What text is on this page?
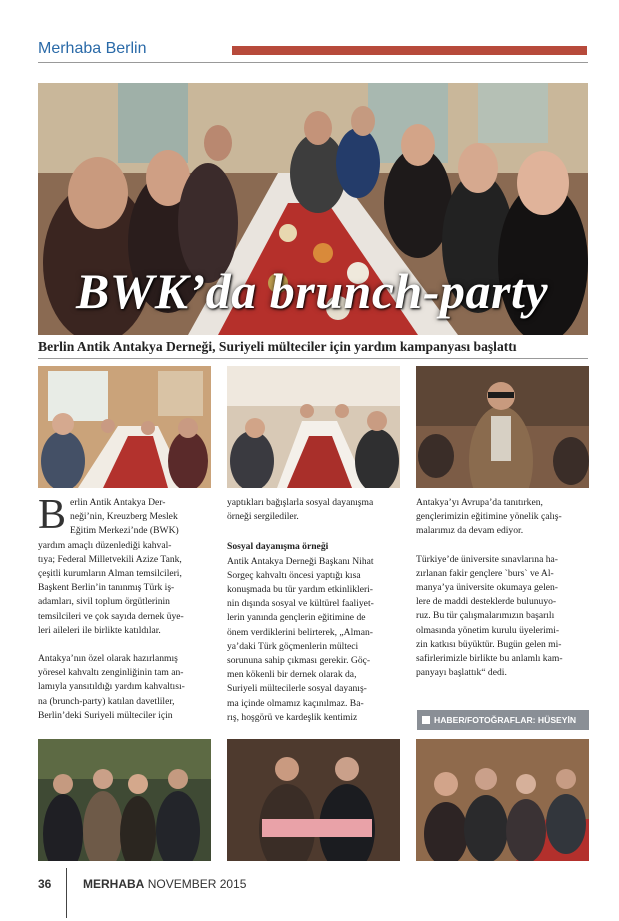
Merhaba Berlin
BWK’da brunch-party
Berlin Antik Antakya Derneği, Suriyeli mülteciler için yardım kampanyası başlattı
B erlin Antik Antakya Der-

neği’nin, Kreuzberg Meslek

Eğitim Merkezi’nde (BWK)

yardım amaçlı düzenlediği kahval-

tıya; Federal Milletvekili Azize Tank,

çeşitli kurumların Alman temsilcileri,

Başkent Berlin’in tanınmış Türk iş-

adamları, sivil toplum örgütlerinin

temsilcileri ve çok sayıda dernek üye-

leri aileleri ile birlikte katıldılar.

Antakya’nın özel olarak hazırlanmış

yöresel kahvaltı zenginliğinin tam an-

lamıyla yansıtıldığı yardım kahvaltısı-

na (brunch-party) katılan davetliler,

Berlin’deki Suriyeli mülteciler için

yaptıkları bağışlarla sosyal dayanışma

örneği sergilediler.

Sosyal dayanışma örneği

Antik Antakya Derneği Başkanı Nihat

Sorgeç kahvaltı öncesi yaptığı kısa

konuşmada bu tür yardım etkinlikleri-

nin dışında sosyal ve kültürel faaliyet-

lerin yanında gençlerin eğitimine de

önem verdiklerini belirterek, „Alman-

ya’daki Türk göçmenlerin mülteci

sorununa sahip çıkması gerekir. Göç-

men kökenli bir dernek olarak da,

Suriyeli mültecilerle sosyal dayanış-

ma içinde olmamız kaçınılmaz. Ba-

rış, hoşgörü ve kardeşlik kentimiz

Antakya’yı Avrupa’da tanıtırken,

gençlerimizin eğitimine yönelik çalış-

malarımız da devam ediyor.

Türkiye’de üniversite sınavlarına ha-

zırlanan fakir gençlere `burs` ve Al-

manya’ya üniversite okumaya gelen-

lere de maddi desteklerde bulunuyo-

ruz. Bu tür çalışmalarımızın başarılı

olmasında yönetim kurulu üyelerimi-

zin katkısı büyüktür. Bugün gelen mi-

safirlerimizle birlikte bu anlamlı kam-

panyayı başlattık“ dedi.

HABER/FOTOĞRAFLAR: HÜSEYİN
36	MERHABA NOVEMBER 2015
